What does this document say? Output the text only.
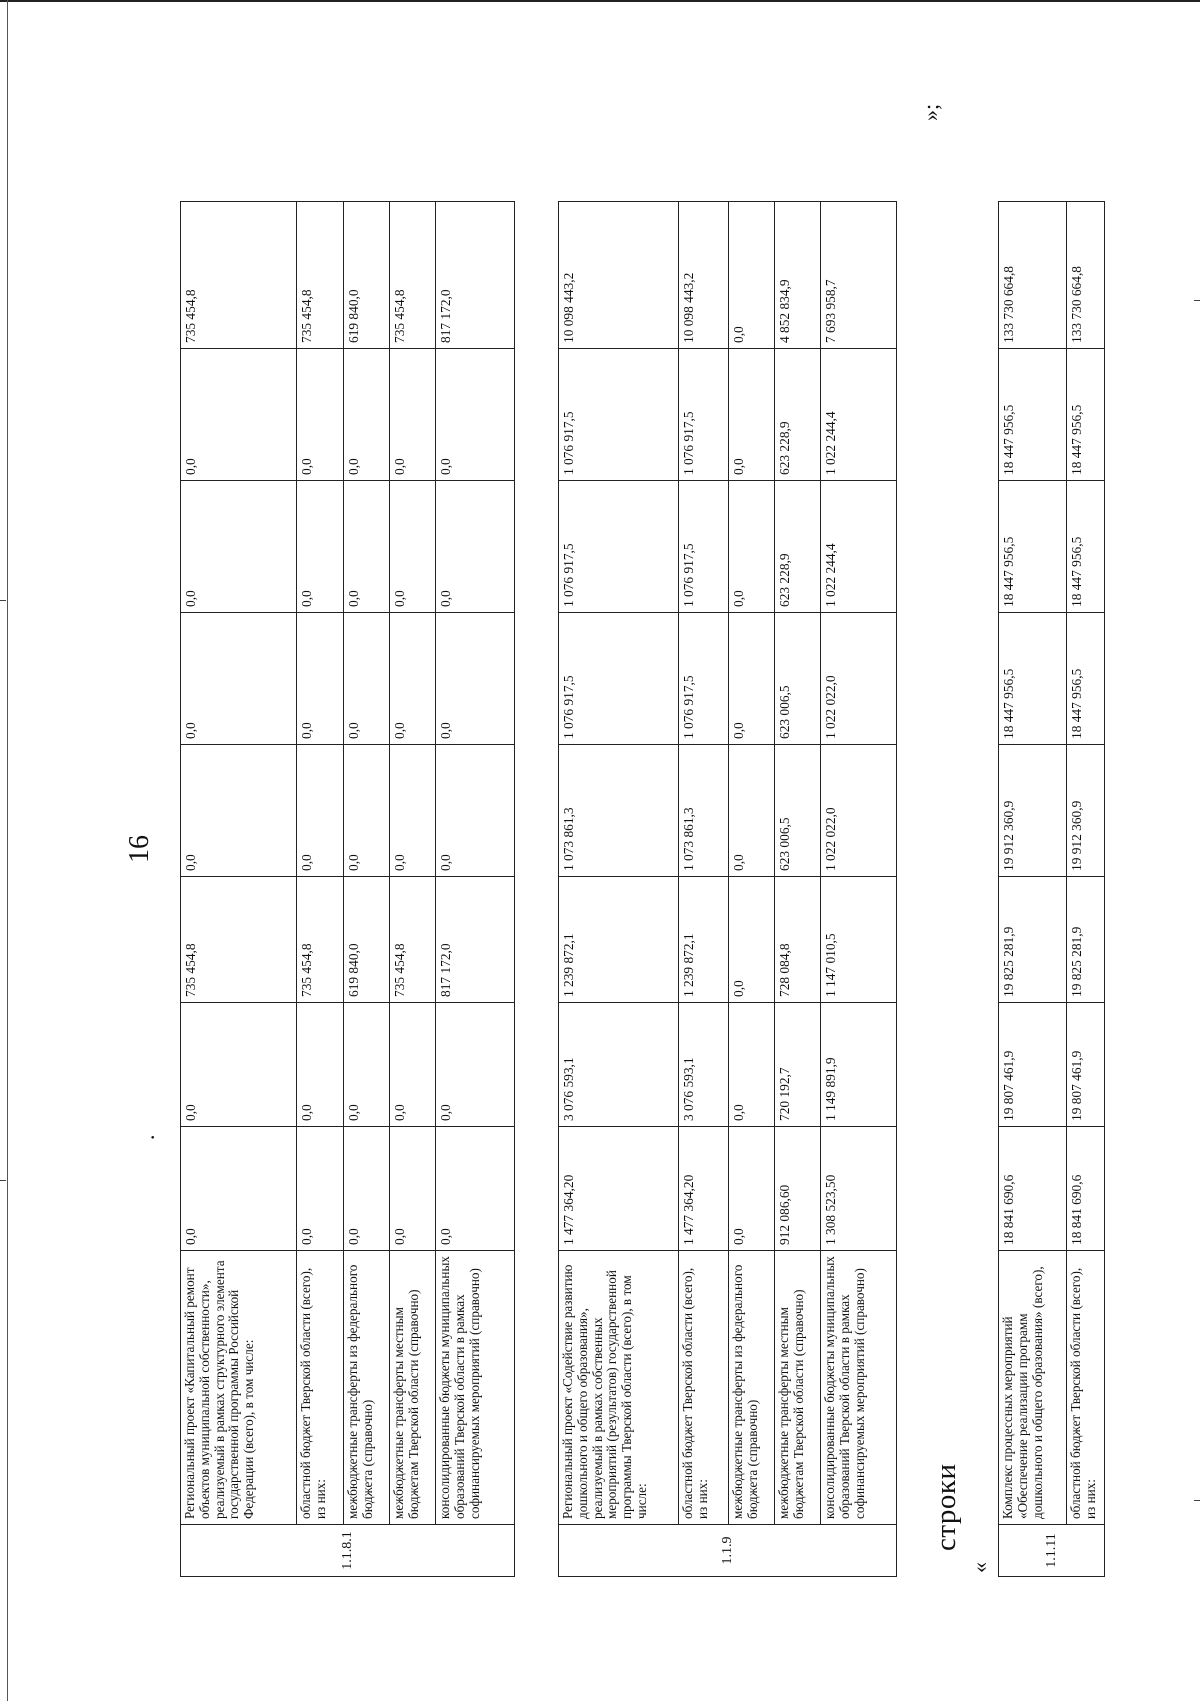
16
·
1.1.8.1	Региональный проект «Капитальный ремонт объектов муниципальной собственности», реализуемый в рамках структурного элемента государственной программы Российской Федерации (всего), в том числе:	0,0	0,0	735 454,8	0,0	0,0	0,0	0,0	735 454,8
	областной бюджет Тверской области (всего), из них:	0,0	0,0	735 454,8	0,0	0,0	0,0	0,0	735 454,8
	межбюджетные трансферты из федерального бюджета (справочно)	0,0	0,0	619 840,0	0,0	0,0	0,0	0,0	619 840,0
	межбюджетные трансферты местным бюджетам Тверской области (справочно)	0,0	0,0	735 454,8	0,0	0,0	0,0	0,0	735 454,8
	консолидированные бюджеты муниципальных образований Тверской области в рамках софинансируемых мероприятий (справочно)	0,0	0,0	817 172,0	0,0	0,0	0,0	0,0	817 172,0
1.1.9	Региональный проект «Содействие развитию дошкольного и общего образования», реализуемый в рамках собственных мероприятий (результатов) государственной программы Тверской области (всего), в том числе:	1 477 364,20	3 076 593,1	1 239 872,1	1 073 861,3	1 076 917,5	1 076 917,5	1 076 917,5	10 098 443,2
	областной бюджет Тверской области (всего), из них:	1 477 364,20	3 076 593,1	1 239 872,1	1 073 861,3	1 076 917,5	1 076 917,5	1 076 917,5	10 098 443,2
	межбюджетные трансферты из федерального бюджета (справочно)	0,0	0,0	0,0	0,0	0,0	0,0	0,0	0,0
	межбюджетные трансферты местным бюджетам Тверской области (справочно)	912 086,60	720 192,7	728 084,8	623 006,5	623 006,5	623 228,9	623 228,9	4 852 834,9
	консолидированные бюджеты муниципальных образований Тверской области в рамках софинансируемых мероприятий (справочно)	1 308 523,50	1 149 891,9	1 147 010,5	1 022 022,0	1 022 022,0	1 022 244,4	1 022 244,4	7 693 958,7
строки
«
»;
1.1.11	Комплекс процессных мероприятий «Обеспечение реализации программ дошкольного и общего образования» (всего),	18 841 690,6	19 807 461,9	19 825 281,9	19 912 360,9	18 447 956,5	18 447 956,5	18 447 956,5	133 730 664,8
	областной бюджет Тверской области (всего), из них:	18 841 690,6	19 807 461,9	19 825 281,9	19 912 360,9	18 447 956,5	18 447 956,5	18 447 956,5	133 730 664,8
